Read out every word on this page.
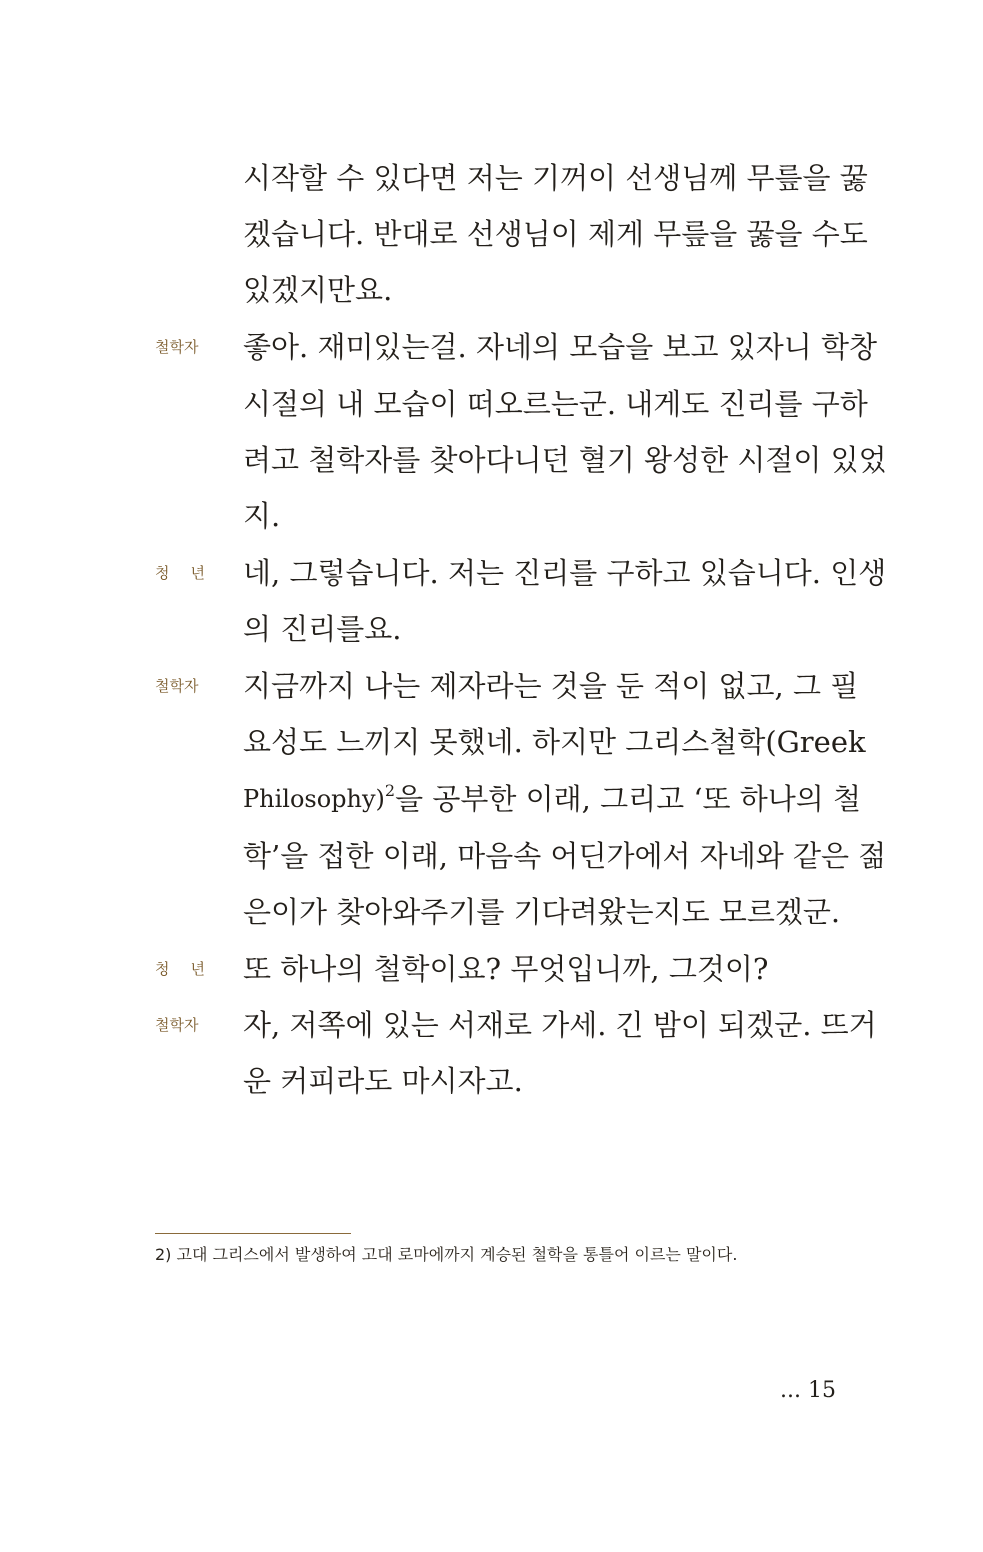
시작할 수 있다면 저는 기꺼이 선생님께 무릎을 꿇
겠습니다. 반대로 선생님이 제게 무릎을 꿇을 수도
있겠지만요.
철학자 좋아. 재미있는걸. 자네의 모습을 보고 있자니 학창
시절의 내 모습이 떠오르는군. 내게도 진리를 구하
려고 철학자를 찾아다니던 혈기 왕성한 시절이 있었
지.
청 년 네, 그렇습니다. 저는 진리를 구하고 있습니다. 인생
의 진리를요.
철학자 지금까지 나는 제자라는 것을 둔 적이 없고, 그 필
요성도 느끼지 못했네. 하지만 그리스철학(Greek
Philosophy) 2 을 공부한 이래, 그리고 ‘또 하나의 철
학’을 접한 이래, 마음속 어딘가에서 자네와 같은 젊
은이가 찾아와주기를 기다려왔는지도 모르겠군.
청 년 또 하나의 철학이요? 무엇입니까, 그것이?
철학자 자, 저쪽에 있는 서재로 가세. 긴 밤이 되겠군. 뜨거
운 커피라도 마시자고.
2) 고대 그리스에서 발생하여 고대 로마에까지 계승된 철학을 통틀어 이르는 말이다.
... 15
